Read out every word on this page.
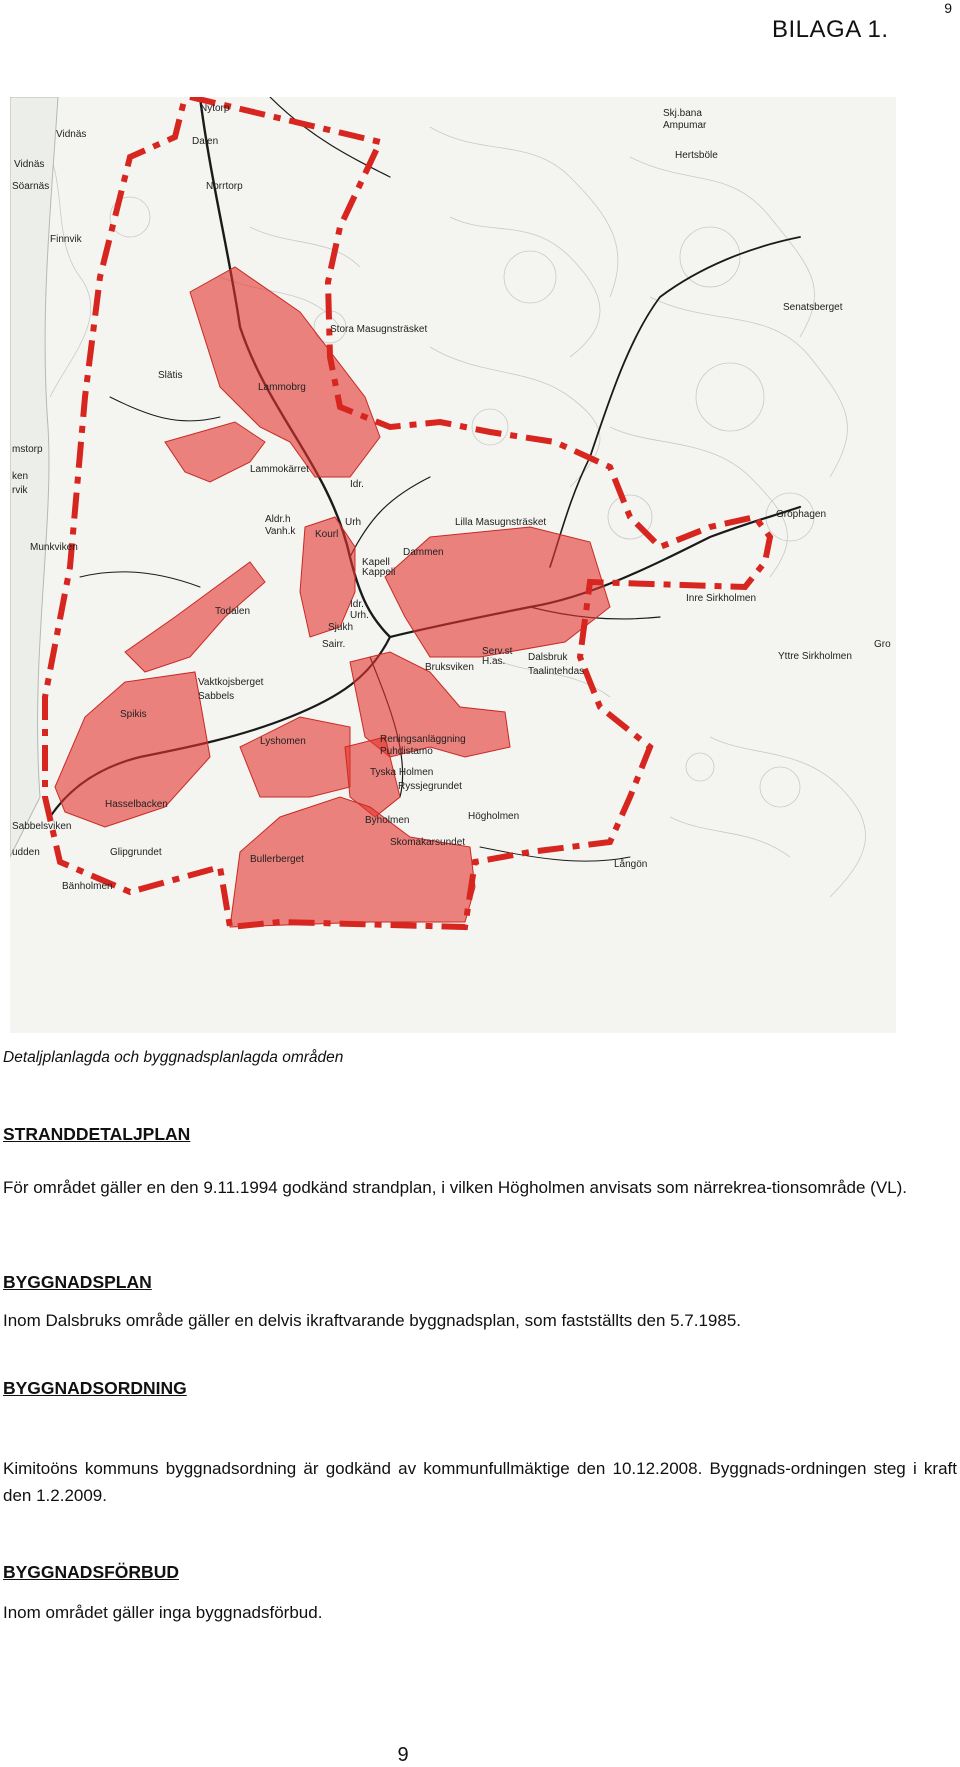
9
BILAGA 1.
Nytorp
Dalen
Vidnäs
Vidnäs
Söarnäs	Norrtorp
Finnvik
Stora Masugnsträsket
Slätis
Lammobrg
Lammokärret
mstorp
ken
rvik
Idr.
Urh
Aldr.h
Vanh.k Kourl
Dammen
Lilla Masugnsträsket
Kapell
Kappeli
Munkviken
Todalen
Idr.
Urh.
Sjukh
Sairr.
Bruksviken
Serv.st
H.as. Dalsbruk
Taalintehdas
Vaktkojsberget
Sabbels
Spikis
Lyshomen	Reningsanläggning
Puhdistamo
Tyska Holmen
Ryssjegrundet
Hasselbacken
Sabbelsviken
Byholmen	Högholmen
udden	Glipgrundet
Skomakarsundet
Bullerberget
Bänholmen
Långön
Skj.bana
Ampumar
Hertsböle
Senatsberget
Grophagen
Gro
Inre Sirkholmen
Yttre Sirkholmen
Detaljplanlagda och byggnadsplanlagda områden
STRANDDETALJPLAN
För området gäller en den 9.11.1994 godkänd strandplan, i vilken Högholmen anvisats som närrekrea-tionsområde (VL).
BYGGNADSPLAN
Inom Dalsbruks område gäller en delvis ikraftvarande byggnadsplan, som fastställts den 5.7.1985.
BYGGNADSORDNING
Kimitoöns kommuns byggnadsordning är godkänd av kommunfullmäktige den 10.12.2008. Byggnads-ordningen steg i kraft den 1.2.2009.
BYGGNADSFÖRBUD
Inom området gäller inga byggnadsförbud.
9
